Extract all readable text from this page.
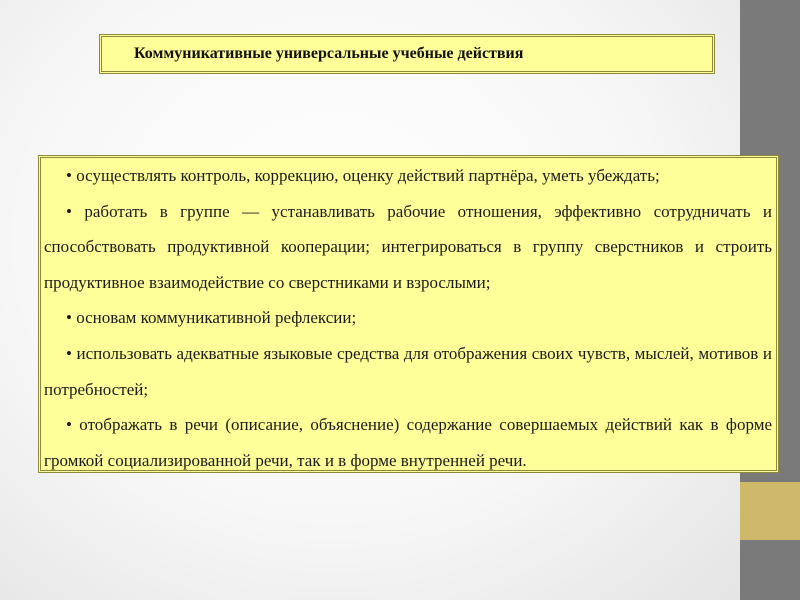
Коммуникативные универсальные учебные действия

• осуществлять контроль, коррекцию, оценку действий партнёра, уметь убеждать;

• работать в группе — устанавливать рабочие отношения, эффективно сотрудничать и способствовать продуктивной кооперации; интегрироваться в группу сверстников и строить продуктивное взаимодействие со сверстниками и взрослыми;

• основам коммуникативной рефлексии;

• использовать адекватные языковые средства для отображения своих чувств, мыслей, мотивов и потребностей;

• отображать в речи (описание, объяснение) содержание совершаемых действий как в форме громкой социализированной речи, так и в форме внутренней речи.
